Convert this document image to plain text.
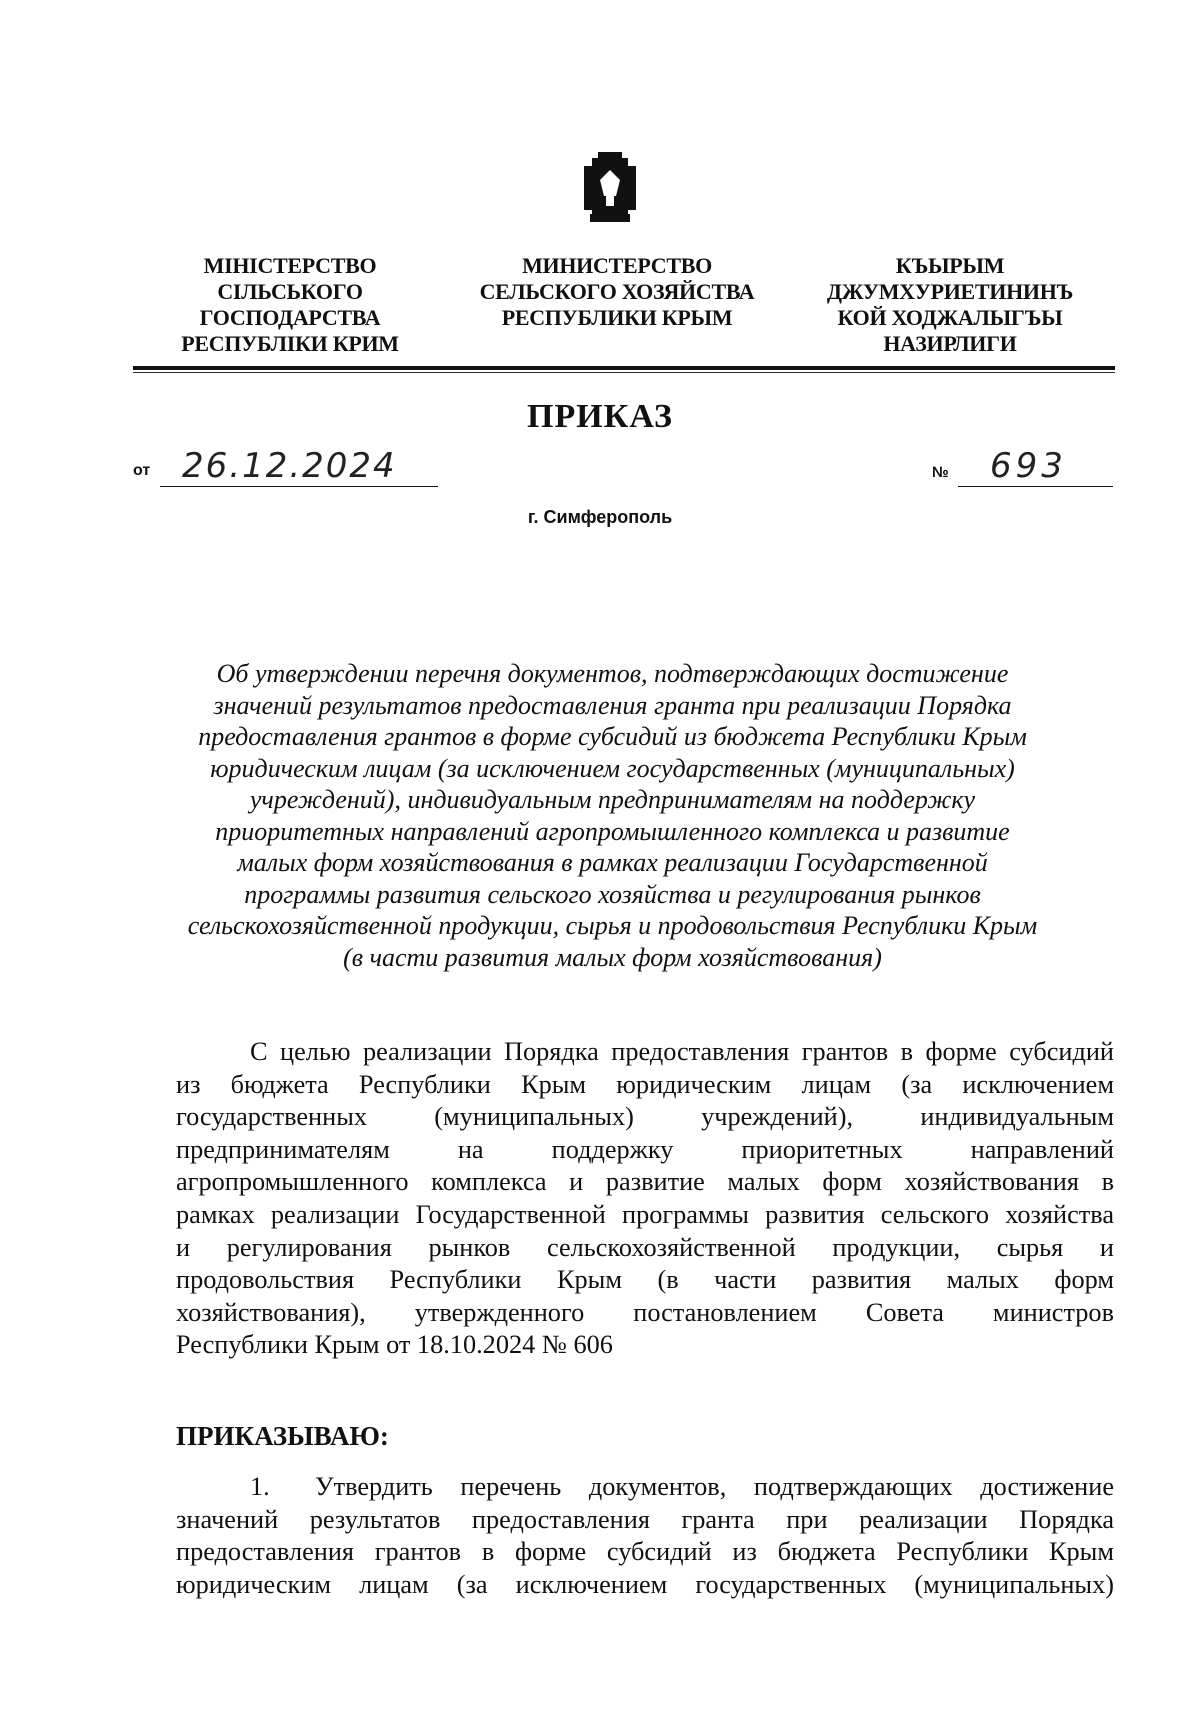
МІНІСТЕРСТВО
СІЛЬСЬКОГО
ГОСПОДАРСТВА
РЕСПУБЛІКИ КРИМ
МИНИСТЕРСТВО
СЕЛЬСКОГО ХОЗЯЙСТВА
РЕСПУБЛИКИ КРЫМ
КЪЫРЫМ
ДЖУМХУРИЕТИНИНЪ
КОЙ ХОДЖАЛЫГЪЫ
НАЗИРЛИГИ
ПРИКАЗ
от 26.12.2024	№ 693
г. Симферополь
Об утверждении перечня документов, подтверждающих достижение
значений результатов предоставления гранта при реализации Порядка
предоставления грантов в форме субсидий из бюджета Республики Крым
юридическим лицам (за исключением государственных (муниципальных)
учреждений), индивидуальным предпринимателям на поддержку
приоритетных направлений агропромышленного комплекса и развитие
малых форм хозяйствования в рамках реализации Государственной
программы развития сельского хозяйства и регулирования рынков
сельскохозяйственной продукции, сырья и продовольствия Республики Крым
(в части развития малых форм хозяйствования)
С целью реализации Порядка предоставления грантов в форме субсидий
из бюджета Республики Крым юридическим лицам (за исключением
государственных (муниципальных) учреждений), индивидуальным
предпринимателям на поддержку приоритетных направлений
агропромышленного комплекса и развитие малых форм хозяйствования в
рамках реализации Государственной программы развития сельского хозяйства
и регулирования рынков сельскохозяйственной продукции, сырья и
продовольствия Республики Крым (в части развития малых форм
хозяйствования), утвержденного постановлением Совета министров
Республики Крым от 18.10.2024 № 606
ПРИКАЗЫВАЮ:
1. Утвердить перечень документов, подтверждающих достижение
значений результатов предоставления гранта при реализации Порядка
предоставления грантов в форме субсидий из бюджета Республики Крым
юридическим лицам (за исключением государственных (муниципальных)
